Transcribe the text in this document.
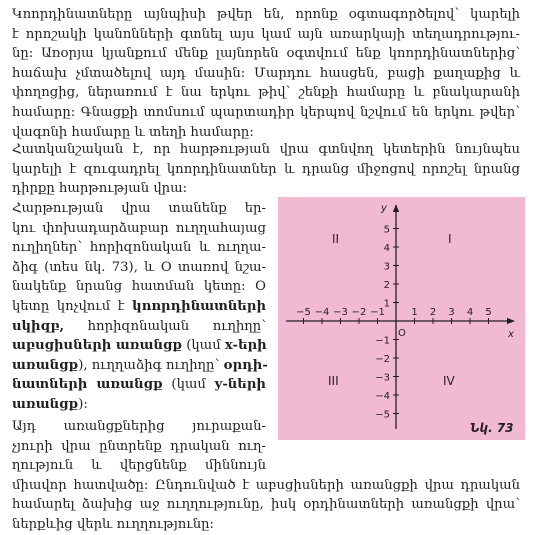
Կոորդինատները այնպիսի թվեր են, որոնք օգտագործելով՝ կարելի
է որոշակի կանոնների գտնել այս կամ այն առարկայի տեղադրությու-
նը: Առօրյա կյանքում մենք լայնորեն օգտվում ենք կոորդինատներից՝
հաճախ չմտածելով այդ մասին: Մարդու հասցեն, բացի քաղաքից և
փողոցից, ներառում է նա երկու թիվ՝ շենքի համարը և բնակարանի
համարը: Գնացքի տոմսում պարտադիր կերպով նշվում են երկու թվեր՝
վագոնի համարը և տեղի համարը:
Հատկանշական է, որ հարթության վրա գտնվող կետերին նույնպես
կարելի է զուգադրել կոորդինատներ և դրանց միջոցով որոշել նրանց
դիրքը հարթության վրա:
Հարթության վրա տանենք եր-
կու փոխադարձաբար ուղղահայաց
ուղիղներ՝ հորիզոնական և ուղղա-
ձիգ (տես նկ. 73), և O տառով նշա-
նակենք նրանց հատման կետը: O
կետը կոչվում է կոորդինատների
սկիզբ, հորիզոնական ուղիղը՝
աբսցիսների առանցք (կամ x-երի
առանցք), ուղղաձիգ ուղիղը՝ օրդի-
նատների առանցք (կամ y-ների
առանցք):
−5 −4 −3 −2 −1	1 2 3 4 5
5
4
3
2
1
−1
−2
−3
−4
−5
x
y
O
I
II
III	IV
Նկ. 73
Այդ առանցքներից յուրաքան-
չյուրի վրա ընտրենք դրական ուղ-
ղություն և վերցնենք միննույն
միավոր հատվածը: Ընդունված է աբսցիսների առանցքի վրա դրական
համարել ձախից աջ ուղղությունը, իսկ օրդինատների առանցքի վրա՝
ներքևից վերև ուղղությունը:
